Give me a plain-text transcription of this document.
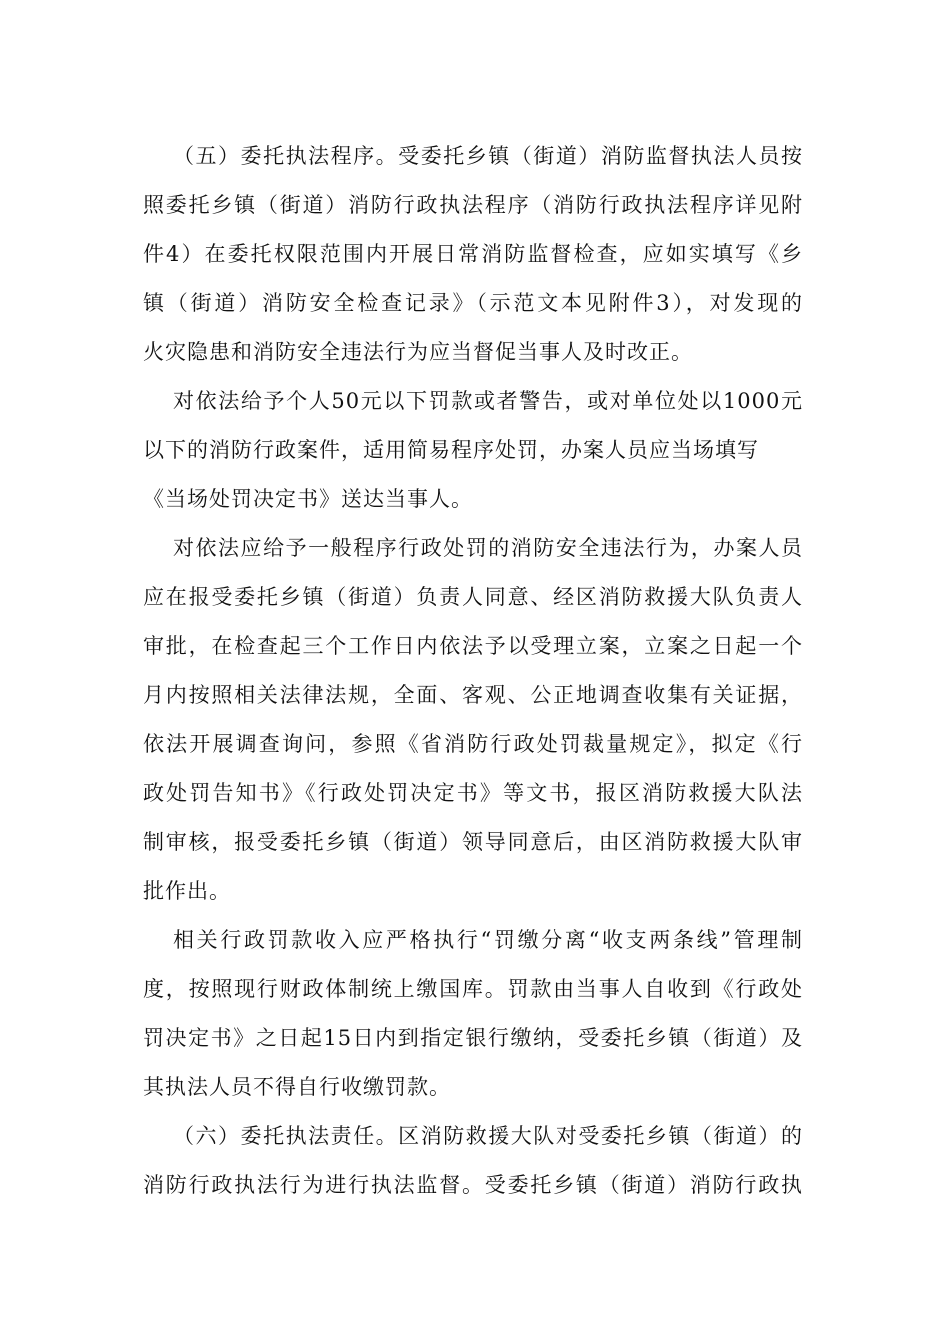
（五）委托执法程序。受委托乡镇（街道）消防监督执法人员按
照委托乡镇（街道）消防行政执法程序（消防行政执法程序详见附
件4）在委托权限范围内开展日常消防监督检查，应如实填写《乡
镇（街道）消防安全检查记录》（示范文本见附件3），对发现的
火灾隐患和消防安全违法行为应当督促当事人及时改正。
对依法给予个人50元以下罚款或者警告，或对单位处以1000元
以下的消防行政案件，适用简易程序处罚，办案人员应当场填写
《当场处罚决定书》送达当事人。
对依法应给予一般程序行政处罚的消防安全违法行为，办案人员
应在报受委托乡镇（街道）负责人同意、经区消防救援大队负责人
审批，在检查起三个工作日内依法予以受理立案，立案之日起一个
月内按照相关法律法规，全面、客观、公正地调查收集有关证据，
依法开展调查询问，参照《省消防行政处罚裁量规定》，拟定《行
政处罚告知书》《行政处罚决定书》等文书，报区消防救援大队法
制审核，报受委托乡镇（街道）领导同意后，由区消防救援大队审
批作出。
相关行政罚款收入应严格执行“罚缴分离“收支两条线”管理制
度，按照现行财政体制统上缴国库。罚款由当事人自收到《行政处
罚决定书》之日起15日内到指定银行缴纳，受委托乡镇（街道）及
其执法人员不得自行收缴罚款。
（六）委托执法责任。区消防救援大队对受委托乡镇（街道）的
消防行政执法行为进行执法监督。受委托乡镇（街道）消防行政执
